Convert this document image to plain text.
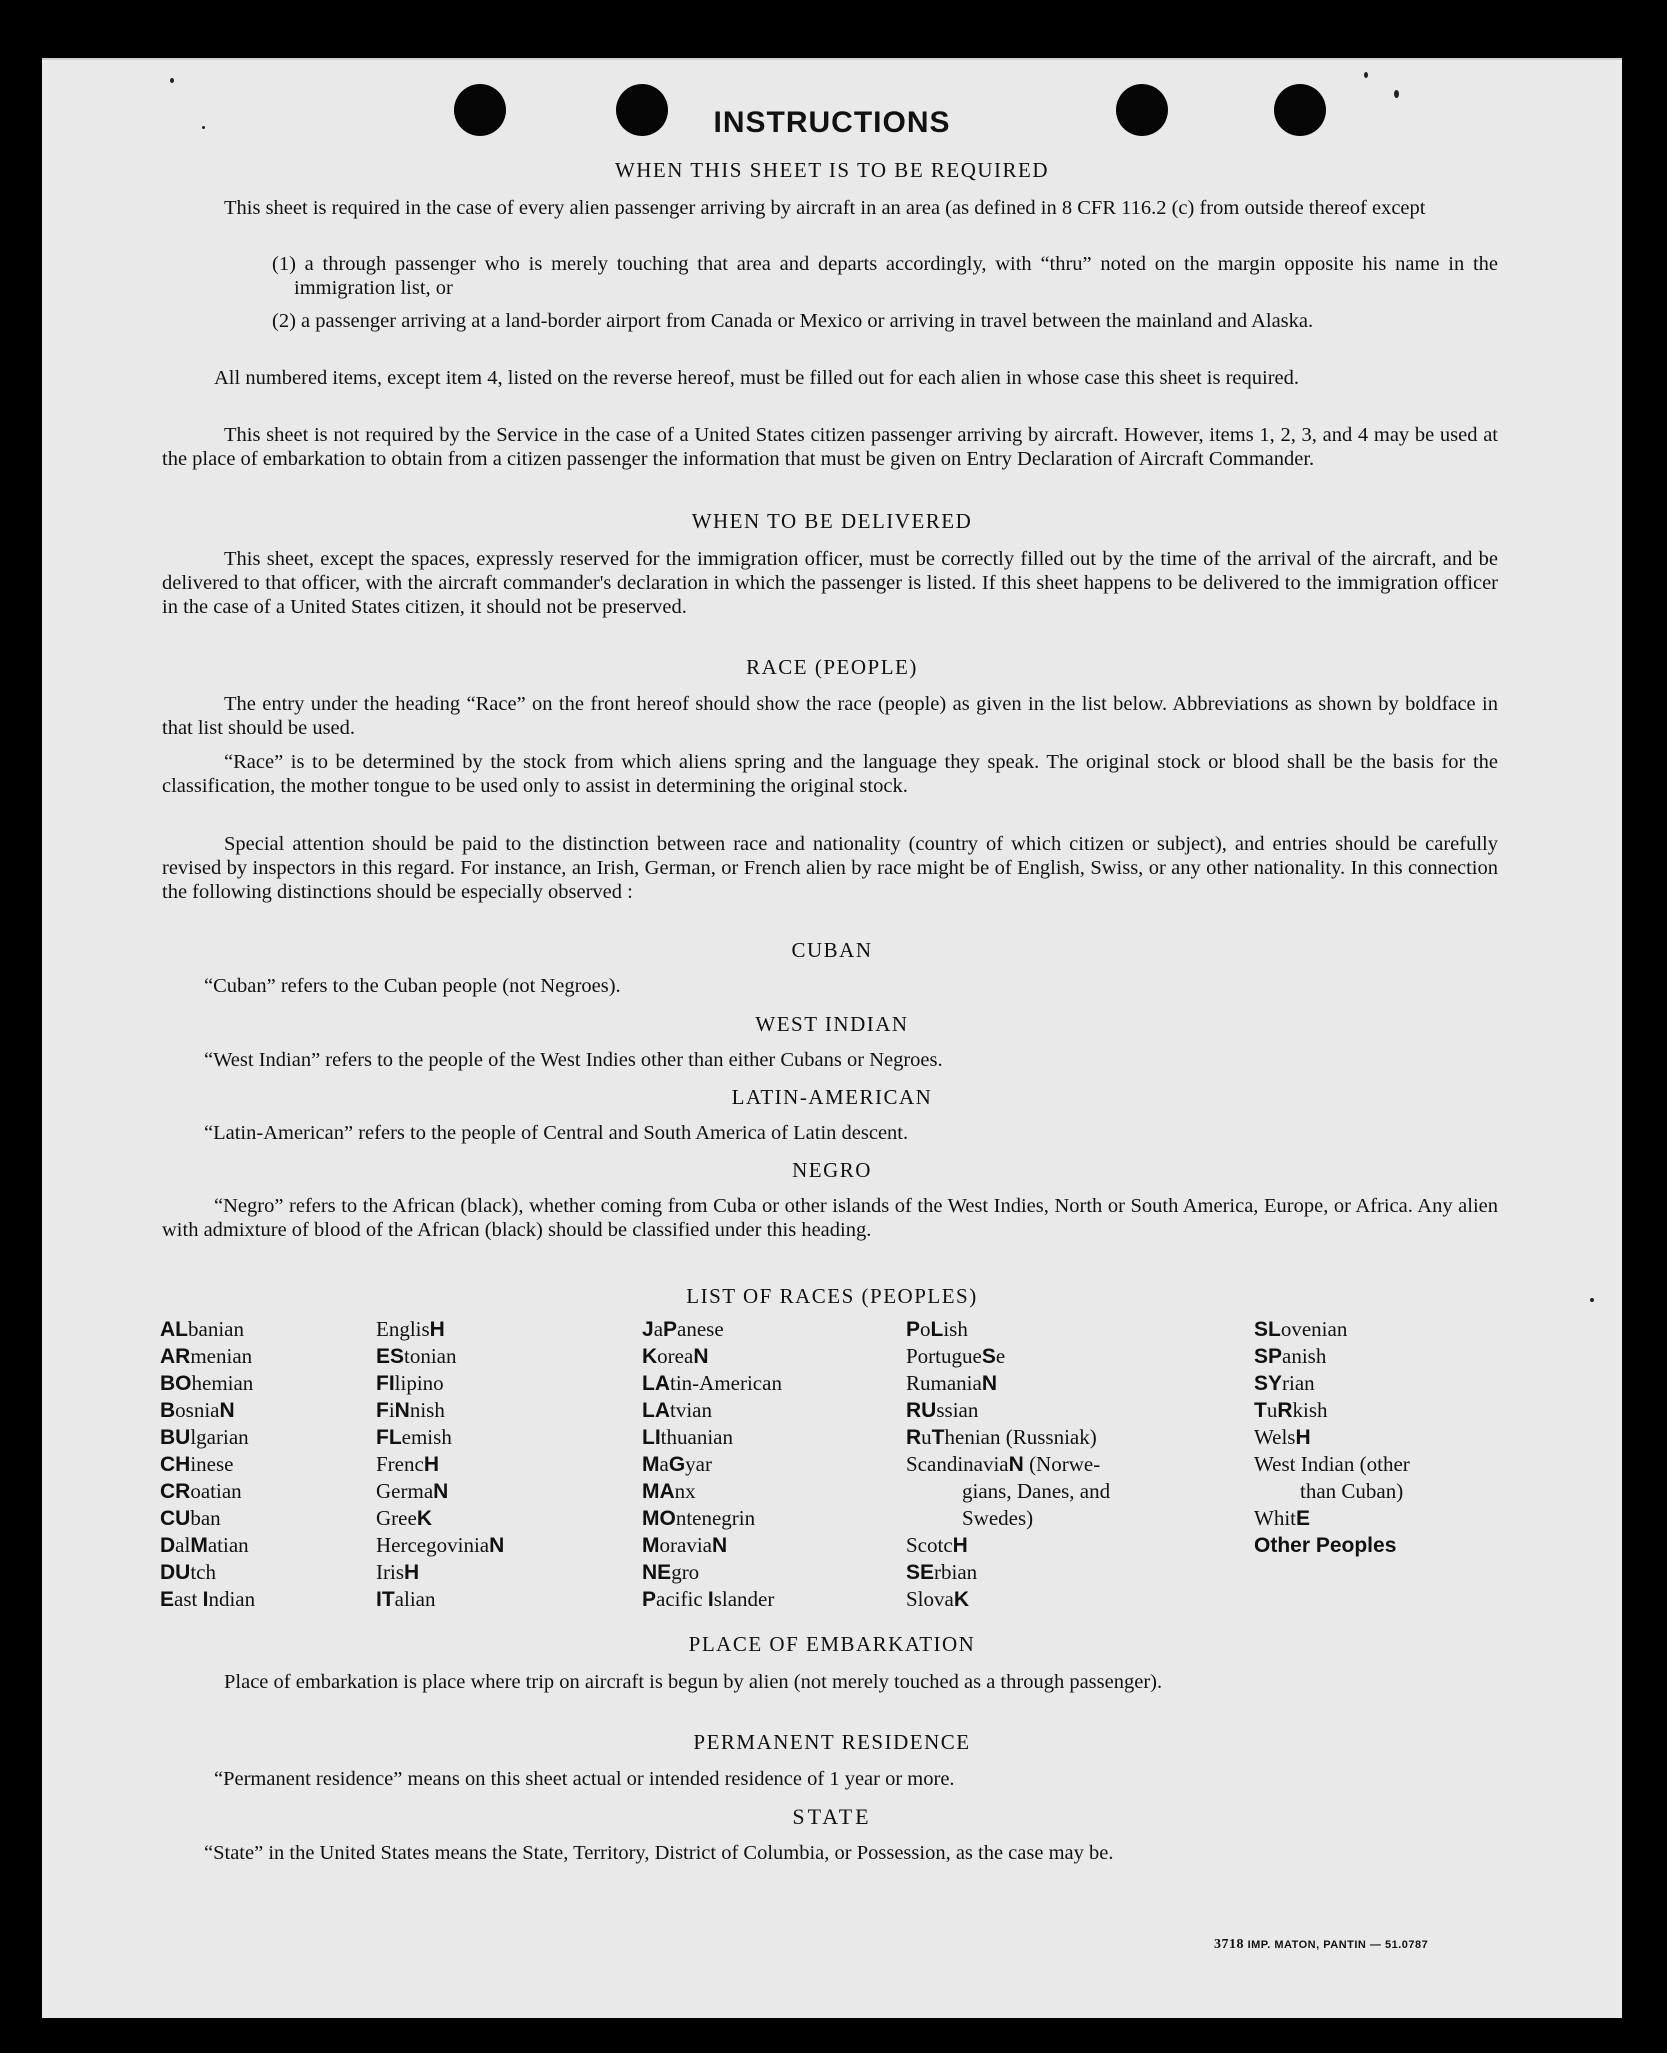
INSTRUCTIONS
WHEN THIS SHEET IS TO BE REQUIRED
This sheet is required in the case of every alien passenger arriving by aircraft in an area (as defined in 8 CFR 116.2 (c) from outside thereof except
(1) a through passenger who is merely touching that area and departs accordingly, with “thru” noted on the margin opposite his name in the immigration list, or
(2) a passenger arriving at a land-border airport from Canada or Mexico or arriving in travel between the mainland and Alaska.
All numbered items, except item 4, listed on the reverse hereof, must be filled out for each alien in whose case this sheet is required.
This sheet is not required by the Service in the case of a United States citizen passenger arriving by aircraft. However, items 1, 2, 3, and 4 may be used at the place of embarkation to obtain from a citizen passenger the information that must be given on Entry Declaration of Aircraft Commander.
WHEN TO BE DELIVERED
This sheet, except the spaces, expressly reserved for the immigration officer, must be correctly filled out by the time of the arrival of the aircraft, and be delivered to that officer, with the aircraft commander's declaration in which the passenger is listed. If this sheet happens to be delivered to the immigration officer in the case of a United States citizen, it should not be preserved.
RACE (PEOPLE)
The entry under the heading “Race” on the front hereof should show the race (people) as given in the list below. Abbreviations as shown by boldface in that list should be used.
“Race” is to be determined by the stock from which aliens spring and the language they speak. The original stock or blood shall be the basis for the classification, the mother tongue to be used only to assist in determining the original stock.
Special attention should be paid to the distinction between race and nationality (country of which citizen or subject), and entries should be carefully revised by inspectors in this regard. For instance, an Irish, German, or French alien by race might be of English, Swiss, or any other nationality. In this connection the following distinctions should be especially observed :
CUBAN
“Cuban” refers to the Cuban people (not Negroes).
WEST INDIAN
“West Indian” refers to the people of the West Indies other than either Cubans or Negroes.
LATIN-AMERICAN
“Latin-American” refers to the people of Central and South America of Latin descent.
NEGRO
“Negro” refers to the African (black), whether coming from Cuba or other islands of the West Indies, North or South America, Europe, or Africa. Any alien with admixture of blood of the African (black) should be classified under this heading.
LIST OF RACES (PEOPLES)
ALbanian
ARmenian
BOhemian
BosniaN
BUlgarian
CHinese
CRoatian
CUban
DalMatian
DUtch
East Indian
EnglisH
EStonian
FIlipino
FiNnish
FLemish
FrencH
GermaN
GreeK
HercegoviniaN
IrisH
ITalian
JaPanese
KoreaN
LAtin-American
LAtvian
LIthuanian
MaGyar
MAnx
MOntenegrin
MoraviaN
NEgro
Pacific Islander
PoLish
PortugueSe
RumaniaN
RUssian
RuThenian (Russniak)
ScandinaviaN (Norwe-
gians, Danes, and
Swedes)
ScotcH
SErbian
SlovaK
SLovenian
SPanish
SYrian
TuRkish
WelsH
West Indian (other
than Cuban)
WhitE
Other Peoples
PLACE OF EMBARKATION
Place of embarkation is place where trip on aircraft is begun by alien (not merely touched as a through passenger).
PERMANENT RESIDENCE
“Permanent residence” means on this sheet actual or intended residence of 1 year or more.
STATE
“State” in the United States means the State, Territory, District of Columbia, or Possession, as the case may be.
3718 IMP. MATON, PANTIN — 51.0787
